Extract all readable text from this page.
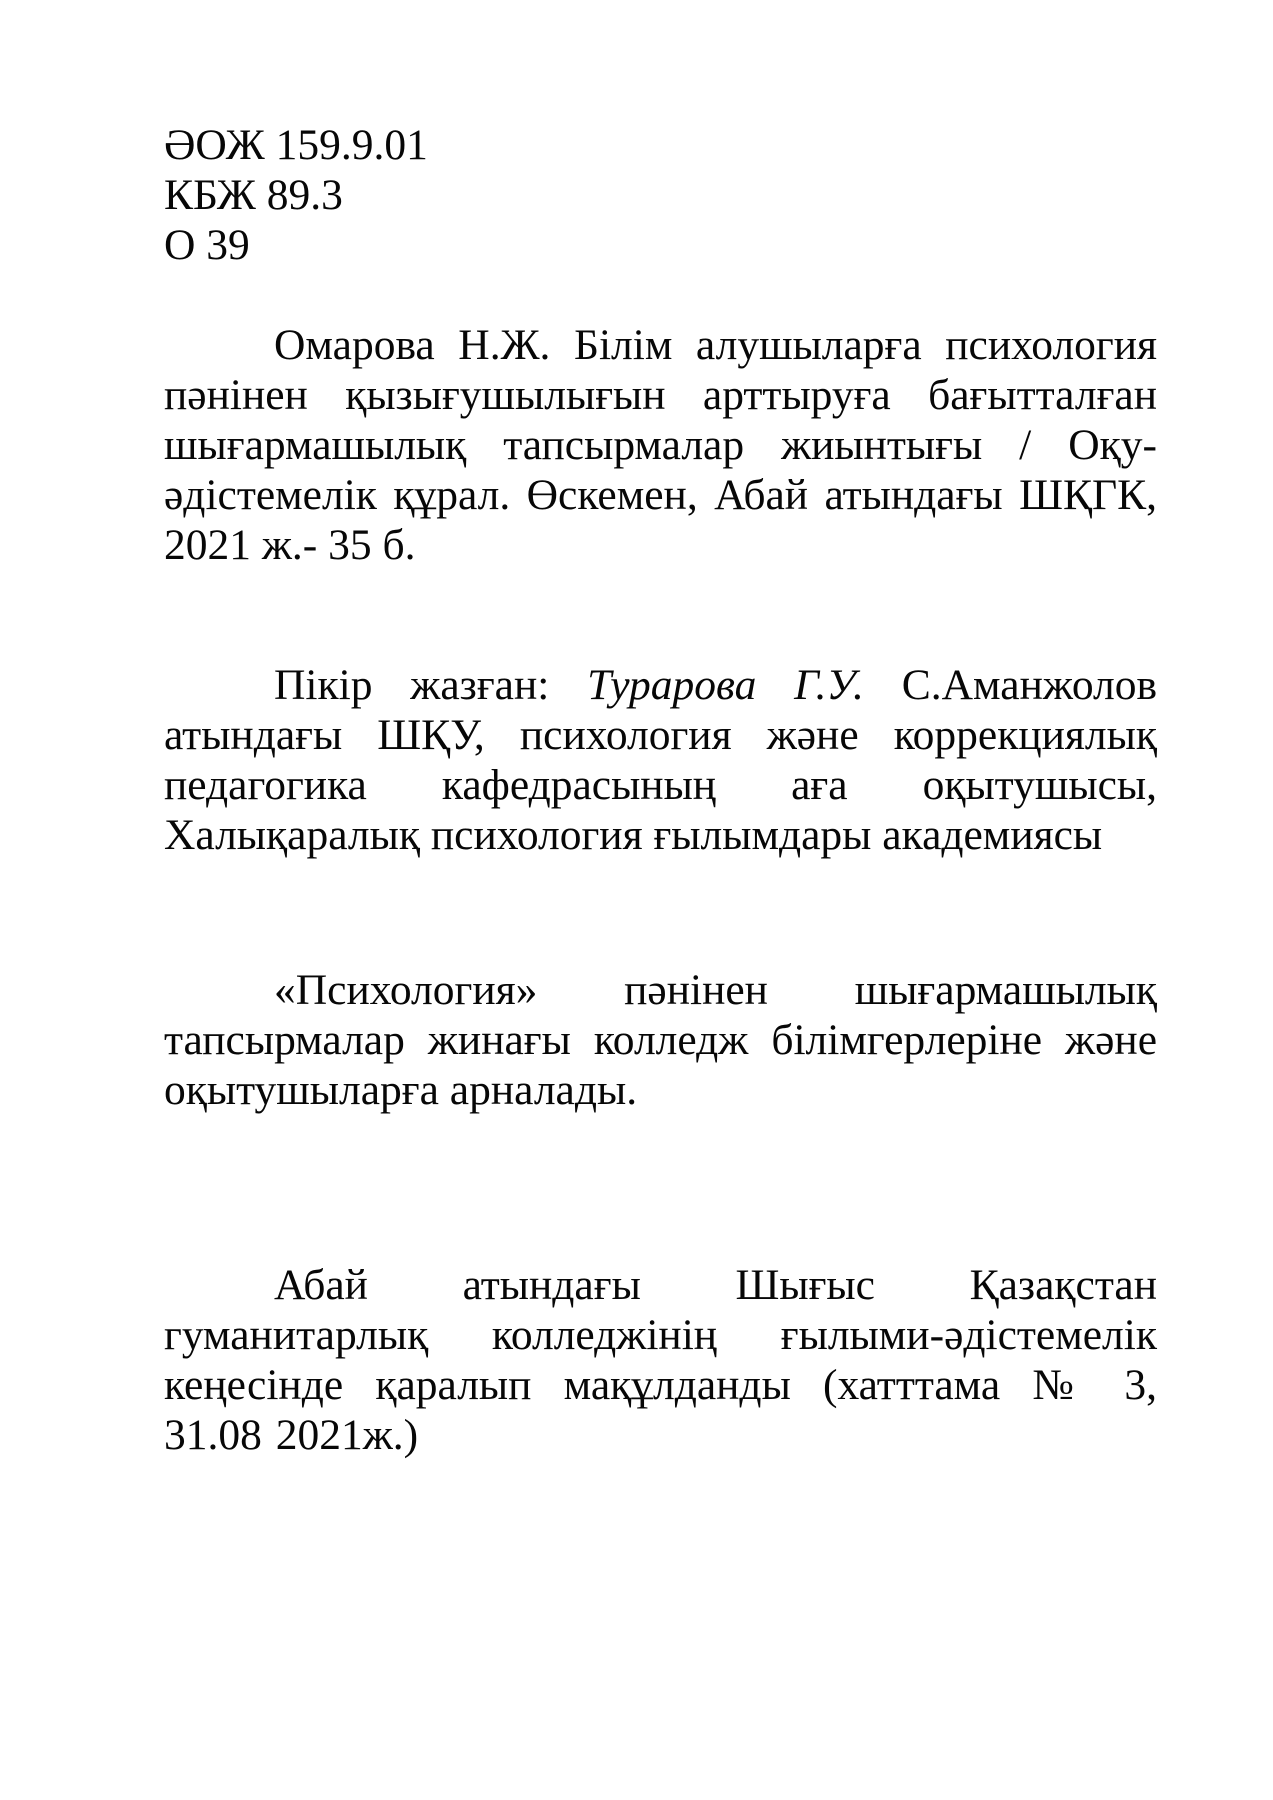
ӘОЖ 159.9.01
КБЖ 89.3
О 39

Омарова Н.Ж. Білім алушыларға психология пәнінен қызығушылығын арттыруға бағытталған шығармашылық тапсырмалар жиынтығы / Оқу-әдістемелік құрал. Өскемен, Абай атындағы ШҚГК, 2021 ж.- 35 б.

Пікір жазған: Турарова Г.У. С.Аманжолов атындағы ШҚУ, психология және коррекциялық педагогика кафедрасының аға оқытушысы, Халықаралық психология ғылымдары академиясы

«Психология» пәнінен шығармашылық тапсырмалар жинағы колледж білімгерлеріне және оқытушыларға арналады.

Абай атындағы Шығыс Қазақстан гуманитарлық колледжінің ғылыми-әдістемелік кеңесінде қаралып мақұлданды (хатттама № 3, 31.08 2021ж.)
